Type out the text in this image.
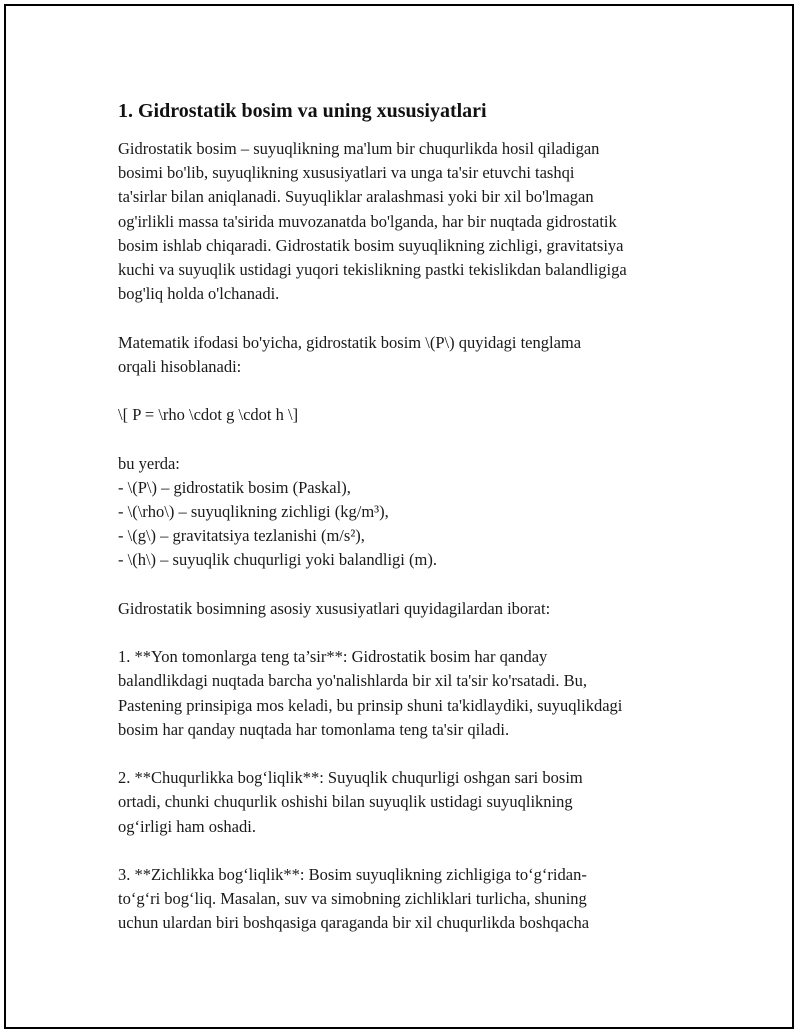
1. Gidrostatik bosim va uning xususiyatlari

Gidrostatik bosim – suyuqlikning ma'lum bir chuqurlikda hosil qiladigan
bosimi bo'lib, suyuqlikning xususiyatlari va unga ta'sir etuvchi tashqi
ta'sirlar bilan aniqlanadi. Suyuqliklar aralashmasi yoki bir xil bo'lmagan
og'irlikli massa ta'sirida muvozanatda bo'lganda, har bir nuqtada gidrostatik
bosim ishlab chiqaradi. Gidrostatik bosim suyuqlikning zichligi, gravitatsiya
kuchi va suyuqlik ustidagi yuqori tekislikning pastki tekislikdan balandligiga
bog'liq holda o'lchanadi.

Matematik ifodasi bo'yicha, gidrostatik bosim \(P\) quyidagi tenglama
orqali hisoblanadi:

\[ P = \rho \cdot g \cdot h \]

bu yerda:
- \(P\) – gidrostatik bosim (Paskal),
- \(\rho\) – suyuqlikning zichligi (kg/m³),
- \(g\) – gravitatsiya tezlanishi (m/s²),
- \(h\) – suyuqlik chuqurligi yoki balandligi (m).

Gidrostatik bosimning asosiy xususiyatlari quyidagilardan iborat:

1. **Yon tomonlarga teng ta’sir**: Gidrostatik bosim har qanday
balandlikdagi nuqtada barcha yo'nalishlarda bir xil ta'sir ko'rsatadi. Bu,
Pastening prinsipiga mos keladi, bu prinsip shuni ta'kidlaydiki, suyuqlikdagi
bosim har qanday nuqtada har tomonlama teng ta'sir qiladi.

2. **Chuqurlikka bog‘liqlik**: Suyuqlik chuqurligi oshgan sari bosim
ortadi, chunki chuqurlik oshishi bilan suyuqlik ustidagi suyuqlikning
og‘irligi ham oshadi.

3. **Zichlikka bog‘liqlik**: Bosim suyuqlikning zichligiga to‘g‘ridan-
to‘g‘ri bog‘liq. Masalan, suv va simobning zichliklari turlicha, shuning
uchun ulardan biri boshqasiga qaraganda bir xil chuqurlikda boshqacha
